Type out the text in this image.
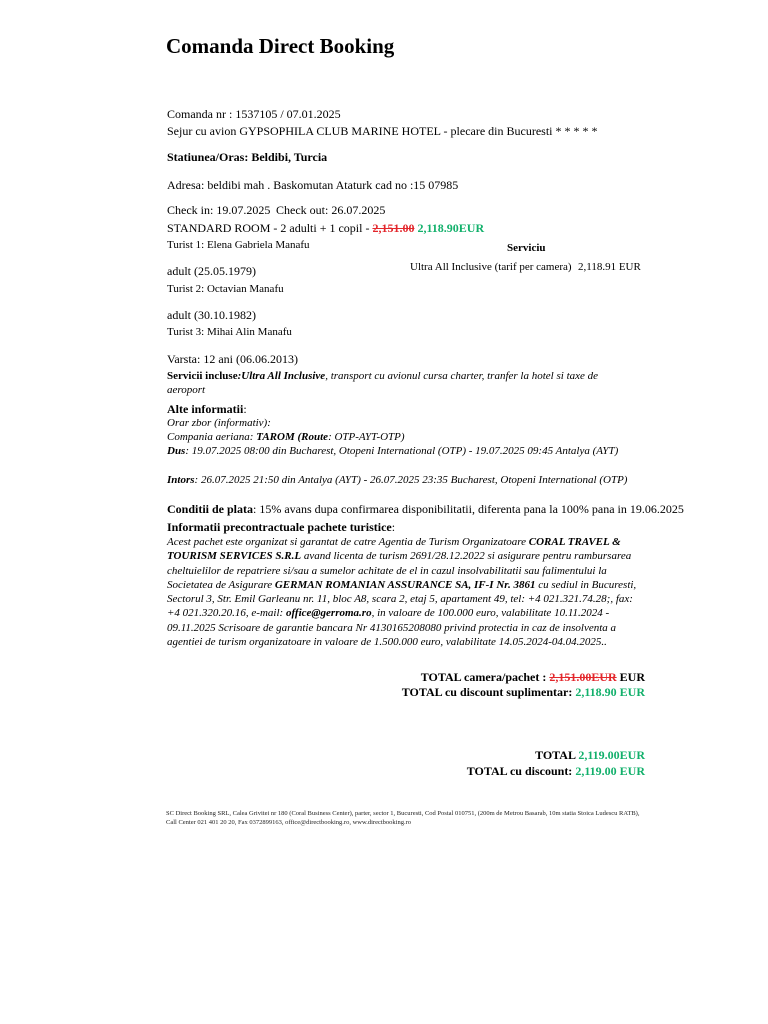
Comanda Direct Booking
Comanda nr : 1537105 / 07.01.2025
Sejur cu avion GYPSOPHILA CLUB MARINE HOTEL - plecare din Bucuresti * * * * *
Statiunea/Oras: Beldibi, Turcia
Adresa: beldibi mah . Baskomutan Ataturk cad no :15 07985
Check in: 19.07.2025 Check out: 26.07.2025
STANDARD ROOM - 2 adulti + 1 copil - 2,151.00 2,118.90EUR
Turist 1: Elena Gabriela Manafu
adult (25.05.1979)
Turist 2: Octavian Manafu
adult (30.10.1982)
Turist 3: Mihai Alin Manafu
Varsta: 12 ani (06.06.2013)
Serviciu
Ultra All Inclusive (tarif per camera) 2,118.91 EUR
Servicii incluse:Ultra All Inclusive, transport cu avionul cursa charter, tranfer la hotel si taxe de
aeroport
Alte informatii:
Orar zbor (informativ):
Compania aeriana: TAROM (Route: OTP-AYT-OTP)
Dus: 19.07.2025 08:00 din Bucharest, Otopeni International (OTP) - 19.07.2025 09:45 Antalya (AYT)
Intors: 26.07.2025 21:50 din Antalya (AYT) - 26.07.2025 23:35 Bucharest, Otopeni International (OTP)
Conditii de plata: 15% avans dupa confirmarea disponibilitatii, diferenta pana la 100% pana in 19.06.2025
Informatii precontractuale pachete turistice:
Acest pachet este organizat si garantat de catre Agentia de Turism Organizatoare CORAL TRAVEL & TOURISM SERVICES S.R.L avand licenta de turism 2691/28.12.2022 si asigurare pentru rambursarea cheltuielilor de repatriere si/sau a sumelor achitate de el in cazul insolvabilitatii sau falimentului la Societatea de Asigurare GERMAN ROMANIAN ASSURANCE SA, IF-I Nr. 3861 cu sediul in Bucuresti, Sectorul 3, Str. Emil Garleanu nr. 11, bloc A8, scara 2, etaj 5, apartament 49, tel: +4 021.321.74.28;, fax: +4 021.320.20.16, e-mail: office@gerroma.ro, in valoare de 100.000 euro, valabilitate 10.11.2024 - 09.11.2025 Scrisoare de garantie bancara Nr 4130165208080 privind protectia in caz de insolventa a agentiei de turism organizatoare in valoare de 1.500.000 euro, valabilitate 14.05.2024-04.04.2025..
TOTAL camera/pachet : 2,151.00EUR EUR
TOTAL cu discount suplimentar: 2,118.90 EUR
TOTAL 2,119.00EUR
TOTAL cu discount: 2,119.00 EUR
SC Direct Booking SRL, Calea Grivitei nr 180 (Coral Business Center), parter, sector 1, Bucuresti, Cod Postal 010751, (200m de Metrou Basarab, 10m statia Stoica Ludescu RATB), Call Center 021 401 20 20, Fax 0372899163, office@directbooking.ro, www.directbooking.ro
